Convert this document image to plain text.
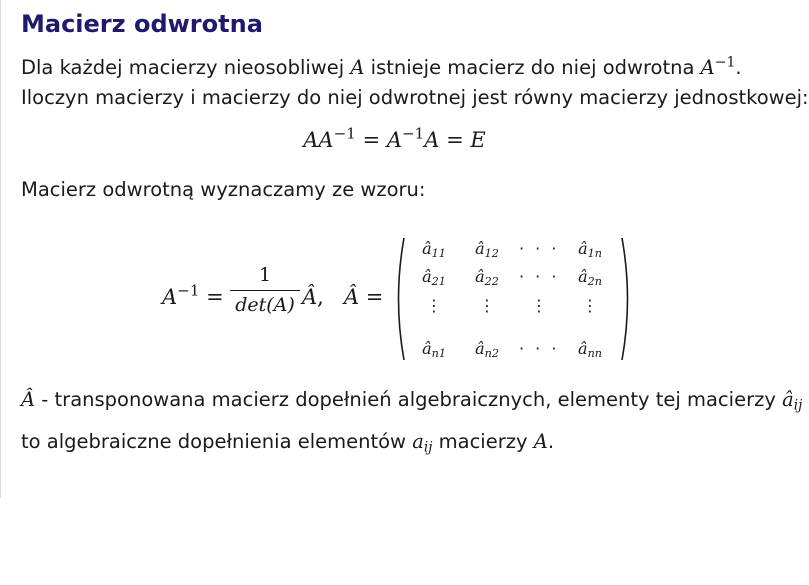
Macierz odwrotna
Dla każdej macierzy nieosobliwej A istnieje macierz do niej odwrotna $A^{-1}$.
Iloczyn macierzy i macierzy do niej odwrotnej jest równy macierzy jednostkowej:
$AA^{-1} = A^{-1}A = E$
Macierz odwrotną wyznaczamy ze wzoru:
$A^{-1}$ =
1
det(A) Â, Â =
$â_{11}$	$â_{12}$	· · ·	$â_{1n}$
$â_{21}$	$â_{22}$	· · ·	$â_{2n}$
⋮	⋮	⋮	⋮
$â_{n1}$	$â_{n2}$	· · ·	$â_{nn}$
Â - transponowana macierz dopełnień algebraicznych, elementy tej macierzy $â_{ij}$
to algebraiczne dopełnienia elementów $a_{ij}$ macierzy A.
